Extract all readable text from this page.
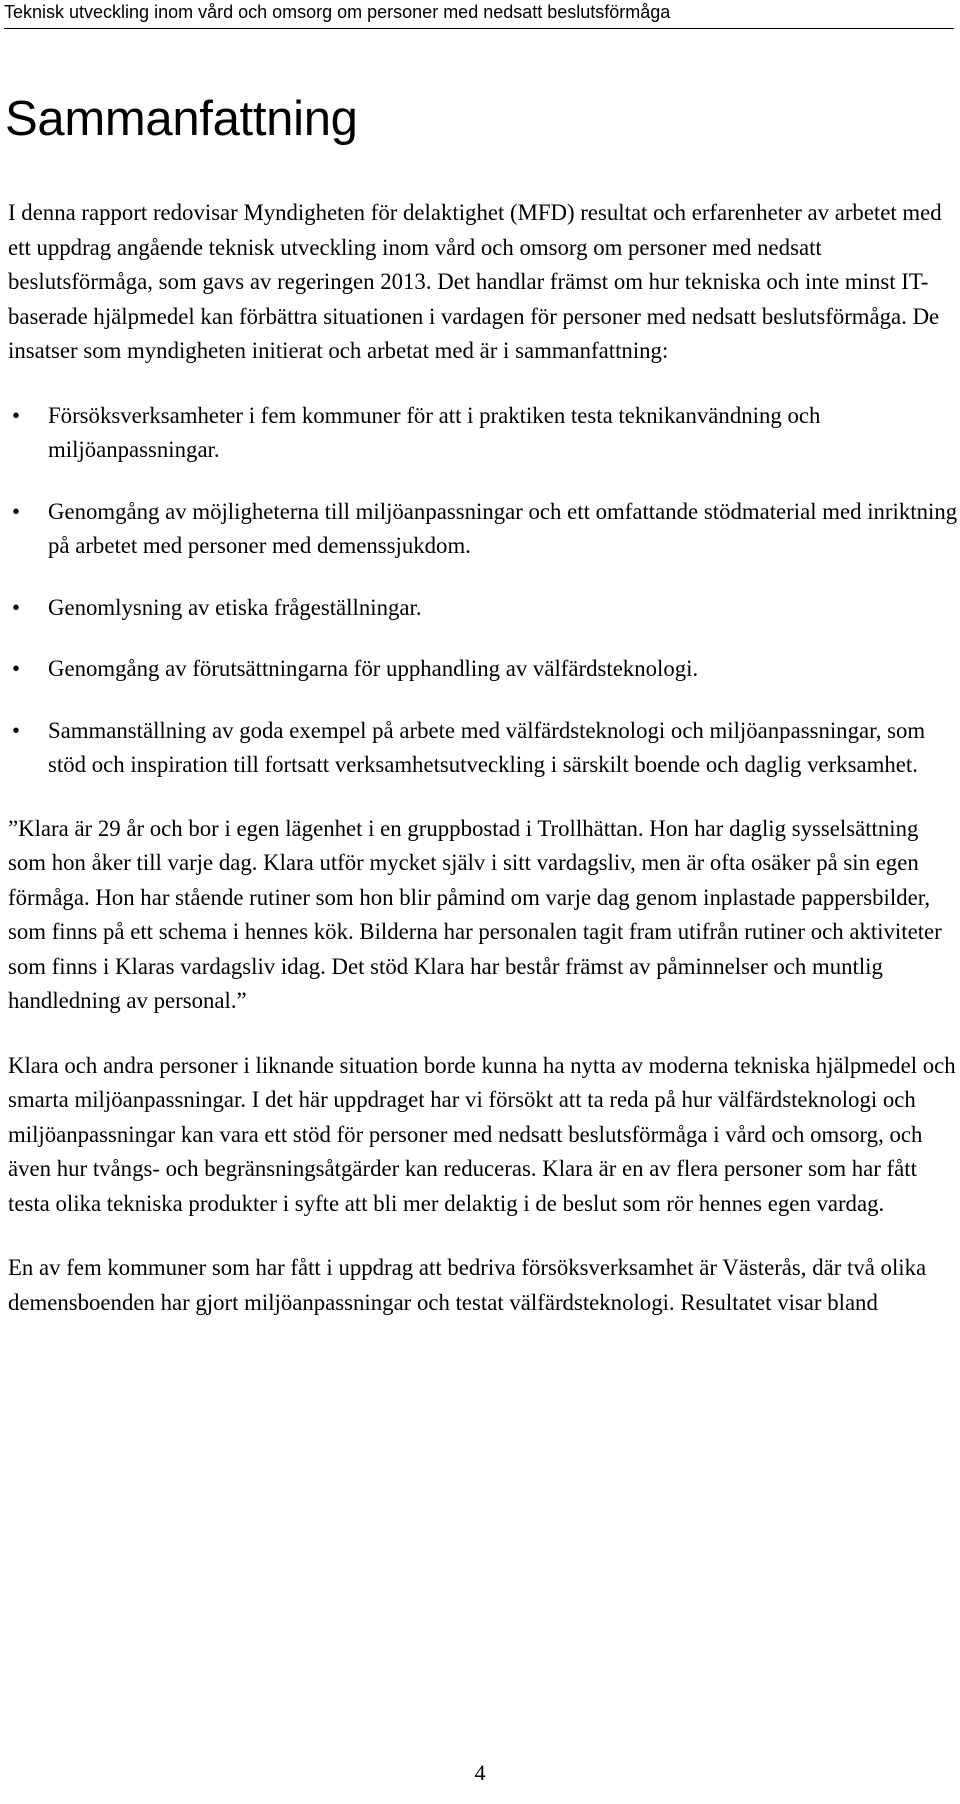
Teknisk utveckling inom vård och omsorg om personer med nedsatt beslutsförmåga
Sammanfattning

I denna rapport redovisar Myndigheten för delaktighet (MFD) resultat och erfarenheter av arbetet med ett uppdrag angående teknisk utveckling inom vård och omsorg om personer med nedsatt beslutsförmåga, som gavs av regeringen 2013. Det handlar främst om hur tekniska och inte minst IT-baserade hjälpmedel kan förbättra situationen i vardagen för personer med nedsatt beslutsförmåga. De insatser som myndigheten initierat och arbetat med är i sammanfattning:

• Försöksverksamheter i fem kommuner för att i praktiken testa teknikanvändning och miljöanpassningar.
• Genomgång av möjligheterna till miljöanpassningar och ett omfattande stödmaterial med inriktning på arbetet med personer med demenssjukdom.
• Genomlysning av etiska frågeställningar.
• Genomgång av förutsättningarna för upphandling av välfärdsteknologi.
• Sammanställning av goda exempel på arbete med välfärdsteknologi och miljöanpassningar, som stöd och inspiration till fortsatt verksamhetsutveckling i särskilt boende och daglig verksamhet.

”Klara är 29 år och bor i egen lägenhet i en gruppbostad i Trollhättan. Hon har daglig sysselsättning som hon åker till varje dag. Klara utför mycket själv i sitt vardagsliv, men är ofta osäker på sin egen förmåga. Hon har stående rutiner som hon blir påmind om varje dag genom inplastade pappersbilder, som finns på ett schema i hennes kök. Bilderna har personalen tagit fram utifrån rutiner och aktiviteter som finns i Klaras vardagsliv idag. Det stöd Klara har består främst av påminnelser och muntlig handledning av personal.”

Klara och andra personer i liknande situation borde kunna ha nytta av moderna tekniska hjälpmedel och smarta miljöanpassningar. I det här uppdraget har vi försökt att ta reda på hur välfärdsteknologi och miljöanpassningar kan vara ett stöd för personer med nedsatt beslutsförmåga i vård och omsorg, och även hur tvångs- och begränsningsåtgärder kan reduceras. Klara är en av flera personer som har fått testa olika tekniska produkter i syfte att bli mer delaktig i de beslut som rör hennes egen vardag.

En av fem kommuner som har fått i uppdrag att bedriva försöksverksamhet är Västerås, där två olika demensboenden har gjort miljöanpassningar och testat välfärdsteknologi. Resultatet visar bland

4
